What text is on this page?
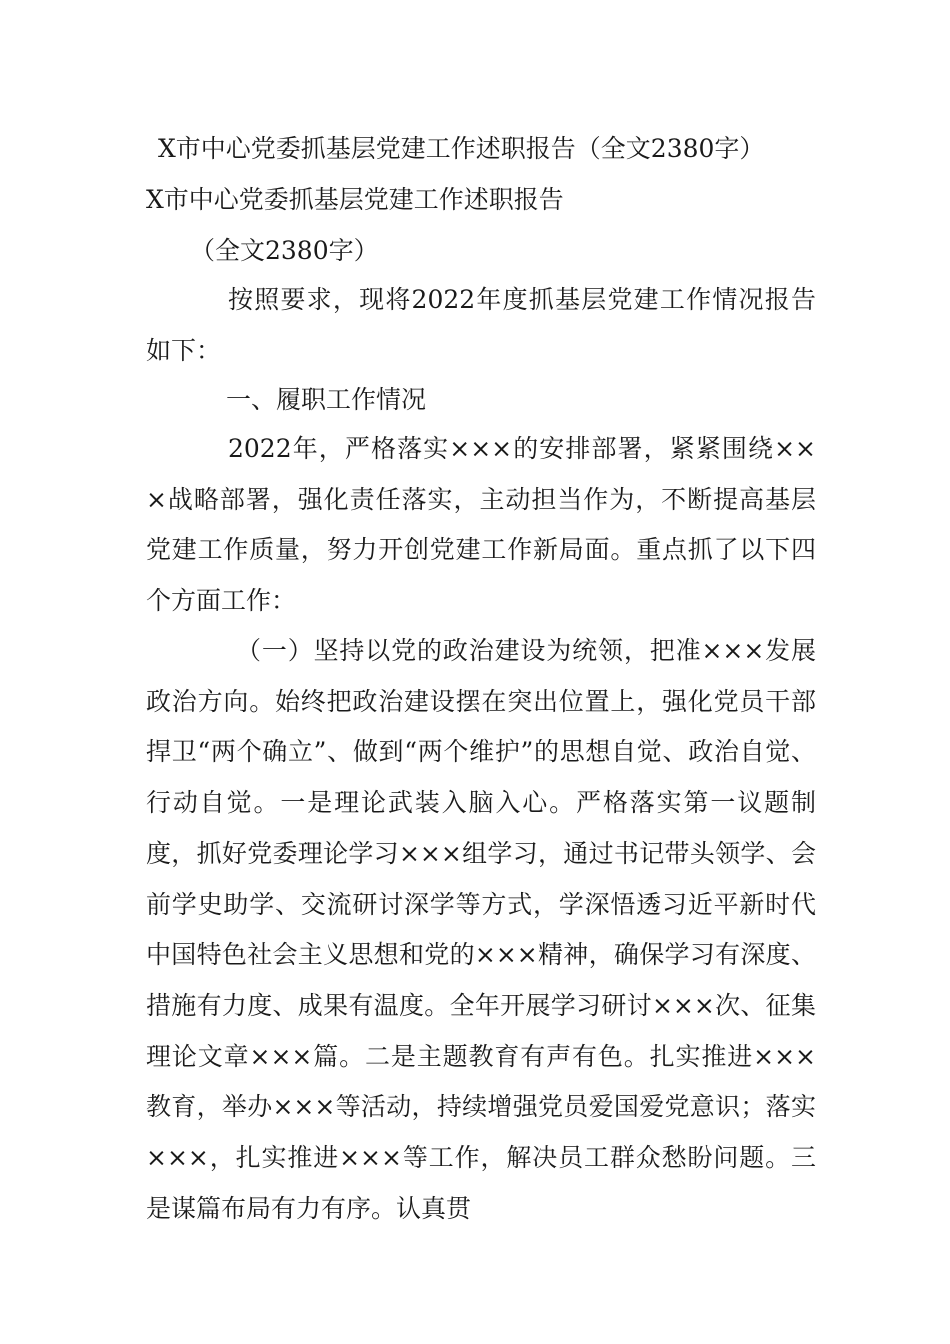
X市中心党委抓基层党建工作述职报告（全文2380字）

X市中心党委抓基层党建工作述职报告

（全文2380字）

按照要求，现将2022年度抓基层党建工作情况报告如下：

一、履职工作情况

2022年，严格落实×××的安排部署，紧紧围绕×××战略部署，强化责任落实，主动担当作为，不断提高基层党建工作质量，努力开创党建工作新局面。重点抓了以下四个方面工作：

（一）坚持以党的政治建设为统领，把准×××发展政治方向。始终把政治建设摆在突出位置上，强化党员干部捍卫“两个确立”、做到“两个维护”的思想自觉、政治自觉、行动自觉。一是理论武装入脑入心。严格落实第一议题制度，抓好党委理论学习×××组学习，通过书记带头领学、会前学史助学、交流研讨深学等方式，学深悟透习近平新时代中国特色社会主义思想和党的×××精神，确保学习有深度、措施有力度、成果有温度。全年开展学习研讨×××次、征集理论文章×××篇。二是主题教育有声有色。扎实推进×××教育，举办×××等活动，持续增强党员爱国爱党意识；落实×××，扎实推进×××等工作，解决员工群众愁盼问题。三是谋篇布局有力有序。认真贯
